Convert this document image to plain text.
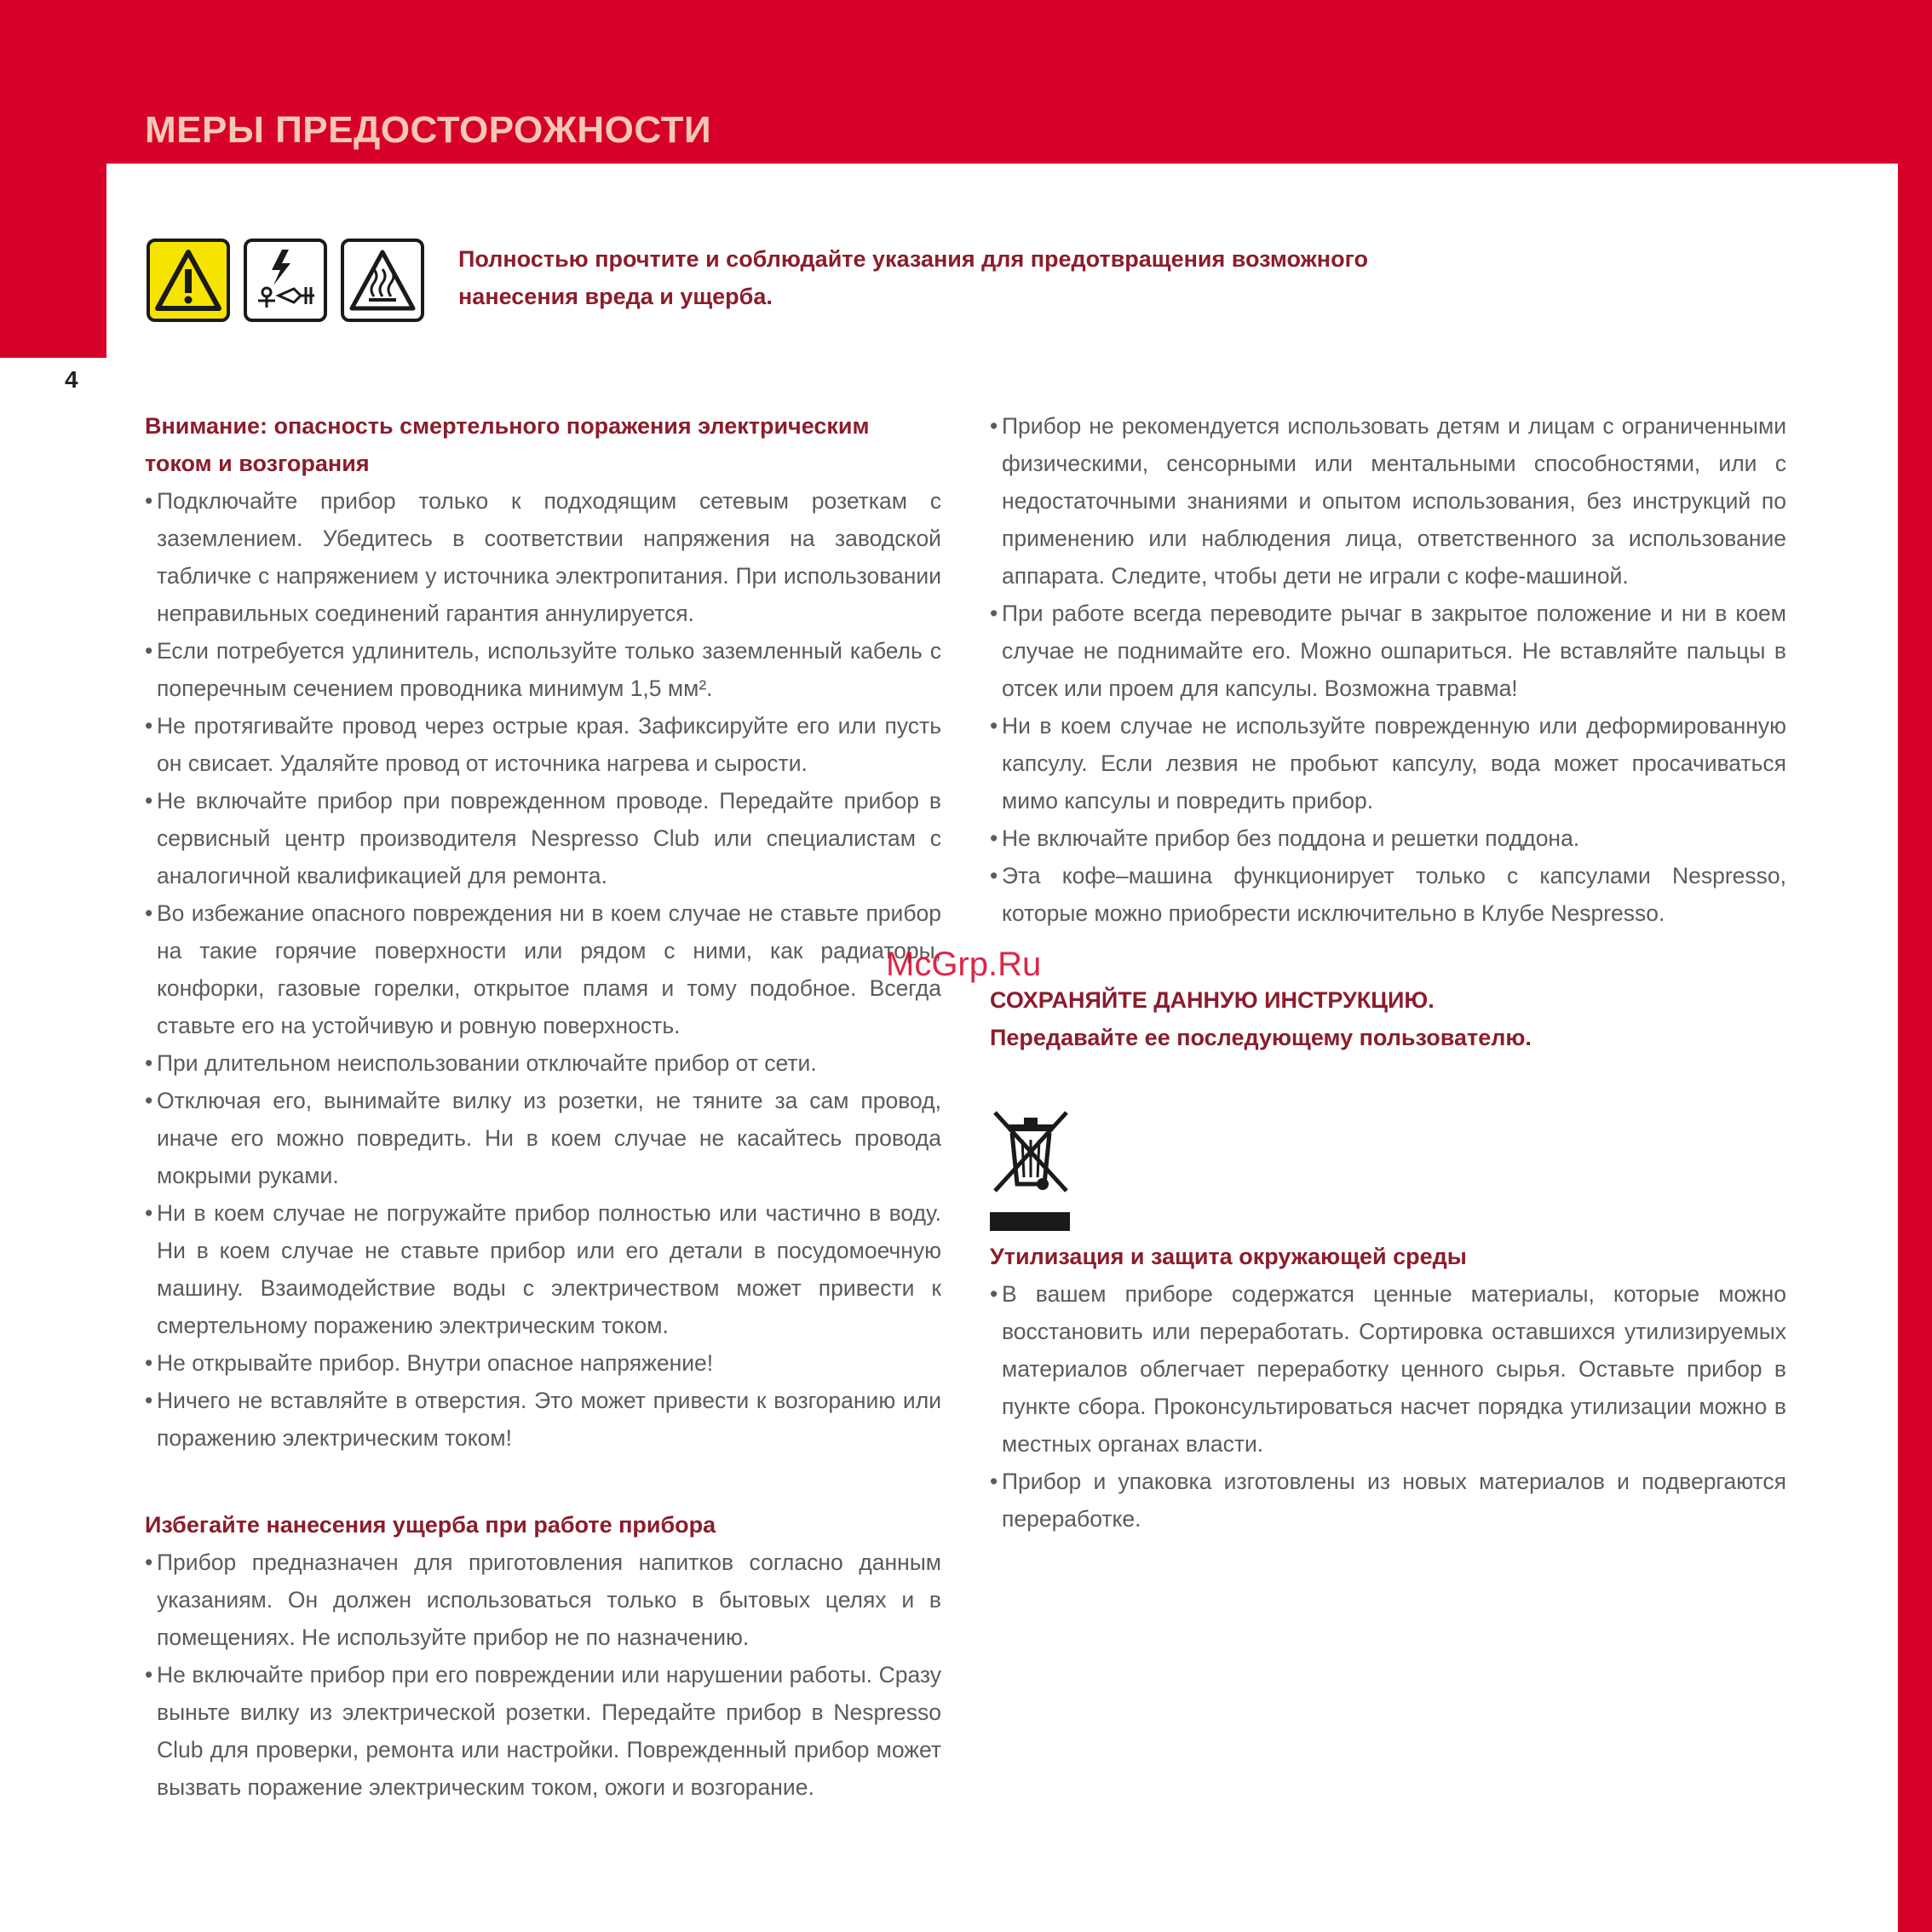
МЕРЫ ПРЕДОСТОРОЖНОСТИ
4
Полностью прочтите и соблюдайте указания для предотвращения возможного нанесения вреда и ущерба.
Внимание: опасность смертельного поражения электрическим током и возгорания
• Подключайте прибор только к подходящим сетевым розеткам с заземлением. Убедитесь в соответствии напряжения на заводской табличке с напряжением у источника электропитания. При использовании неправильных соединений гарантия аннулируется.
• Если потребуется удлинитель, используйте только заземленный кабель с поперечным сечением проводника минимум 1,5 мм².
• Не протягивайте провод через острые края. Зафиксируйте его или пусть он свисает. Удаляйте провод от источника нагрева и сырости.
• Не включайте прибор при поврежденном проводе. Передайте прибор в сервисный центр производителя Nespresso Club или специалистам с аналогичной квалификацией для ремонта.
• Во избежание опасного повреждения ни в коем случае не ставьте прибор на такие горячие поверхности или рядом с ними, как радиаторы, конфорки, газовые горелки, открытое пламя и тому подобное. Всегда ставьте его на устойчивую и ровную поверхность.
• При длительном неиспользовании отключайте прибор от сети.
• Отключая его, вынимайте вилку из розетки, не тяните за сам провод, иначе его можно повредить. Ни в коем случае не касайтесь провода мокрыми руками.
• Ни в коем случае не погружайте прибор полностью или частично в воду. Ни в коем случае не ставьте прибор или его детали в посудомоечную машину. Взаимодействие воды с электричеством может привести к смертельному поражению электрическим током.
• Не открывайте прибор. Внутри опасное напряжение!
• Ничего не вставляйте в отверстия. Это может привести к возгоранию или поражению электрическим током!
Избегайте нанесения ущерба при работе прибора
• Прибор предназначен для приготовления напитков согласно данным указаниям. Он должен использоваться только в бытовых целях и в помещениях. Не используйте прибор не по назначению.
• Не включайте прибор при его повреждении или нарушении работы. Сразу выньте вилку из электрической розетки. Передайте прибор в Nespresso Club для проверки, ремонта или настройки. Поврежденный прибор может вызвать поражение электрическим током, ожоги и возгорание.
• Прибор не рекомендуется использовать детям и лицам с ограниченными физическими, сенсорными или ментальными способностями, или с недостаточными знаниями и опытом использования, без инструкций по применению или наблюдения лица, ответственного за использование аппарата. Следите, чтобы дети не играли с кофе-машиной.
• При работе всегда переводите рычаг в закрытое положение и ни в коем случае не поднимайте его. Можно ошпариться. Не вставляйте пальцы в отсек или проем для капсулы. Возможна травма!
• Ни в коем случае не используйте поврежденную или деформированную капсулу. Если лезвия не пробьют капсулу, вода может просачиваться мимо капсулы и повредить прибор.
• Не включайте прибор без поддона и решетки поддона.
• Эта кофе–машина функционирует только с капсулами Nespresso, которые можно приобрести исключительно в Клубе Nespresso.

СОХРАНЯЙТЕ ДАННУЮ ИНСТРУКЦИЮ.

Передавайте ее последующему пользователю.

Утилизация и защита окружающей среды
• В вашем приборе содержатся ценные материалы, которые можно восстановить или переработать. Сортировка оставшихся утилизируемых материалов облегчает переработку ценного сырья. Оставьте прибор в пункте сбора. Проконсультироваться насчет порядка утилизации можно в местных органах власти.
• Прибор и упаковка изготовлены из новых материалов и подвергаются переработке.
McGrp.Ru
